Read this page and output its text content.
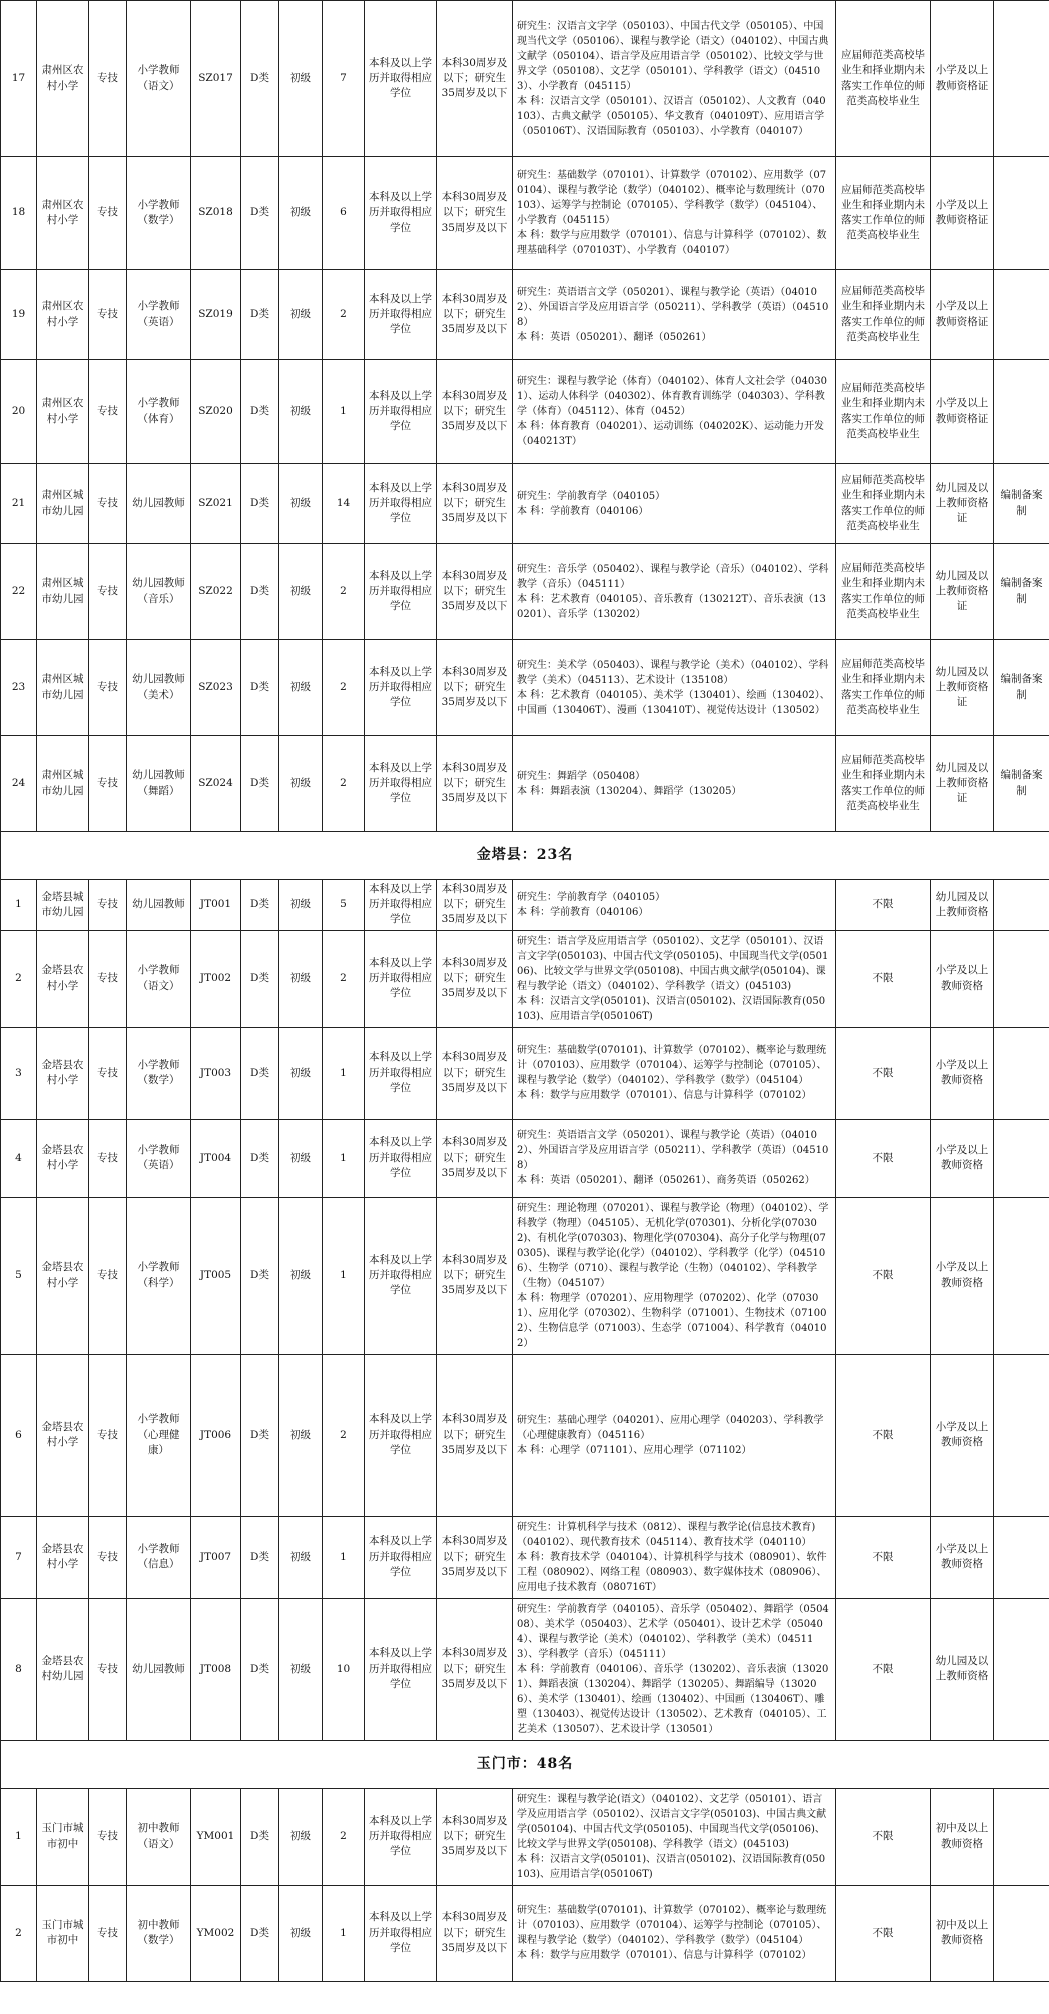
17	肃州区农村小学	专技	小学教师（语文）	SZ017	D类	初级	7	本科及以上学历并取得相应学位	本科30周岁及以下；研究生35周岁及以下	研究生：汉语言文字学（050103）、中国古代文学（050105）、中国现当代文学（050106）、课程与教学论（语文）（040102）、中国古典文献学（050104）、语言学及应用语言学（050102）、比较文学与世界文学（050108）、文艺学（050101）、学科教学（语文）（045103）、小学教育（045115）
本 科：汉语言文学（050101）、汉语言（050102）、人文教育（040103）、古典文献学（050105）、华文教育（040109T）、应用语言学（050106T）、汉语国际教育（050103）、小学教育（040107）	应届师范类高校毕业生和择业期内未落实工作单位的师范类高校毕业生	小学及以上教师资格证	
18	肃州区农村小学	专技	小学教师（数学）	SZ018	D类	初级	6	本科及以上学历并取得相应学位	本科30周岁及以下；研究生35周岁及以下	研究生：基础数学（070101）、计算数学（070102）、应用数学（070104）、课程与教学论（数学）（040102）、概率论与数理统计（070103）、运筹学与控制论（070105）、学科教学（数学）（045104）、小学教育（045115）
本 科：数学与应用数学（070101）、信息与计算科学（070102）、数理基础科学（070103T）、小学教育（040107）	应届师范类高校毕业生和择业期内未落实工作单位的师范类高校毕业生	小学及以上教师资格证	
19	肃州区农村小学	专技	小学教师（英语）	SZ019	D类	初级	2	本科及以上学历并取得相应学位	本科30周岁及以下；研究生35周岁及以下	研究生：英语语言文学（050201）、课程与教学论（英语）（040102）、外国语言学及应用语言学（050211）、学科教学（英语）（045108）
本 科：英语（050201）、翻译（050261）	应届师范类高校毕业生和择业期内未落实工作单位的师范类高校毕业生	小学及以上教师资格证	
20	肃州区农村小学	专技	小学教师（体育）	SZ020	D类	初级	1	本科及以上学历并取得相应学位	本科30周岁及以下；研究生35周岁及以下	研究生：课程与教学论（体育）（040102）、体育人文社会学（040301）、运动人体科学（040302）、体育教育训练学（040303）、学科教学（体育）（045112）、体育（0452）
本 科：体育教育（040201）、运动训练（040202K）、运动能力开发（040213T）	应届师范类高校毕业生和择业期内未落实工作单位的师范类高校毕业生	小学及以上教师资格证	
21	肃州区城市幼儿园	专技	幼儿园教师	SZ021	D类	初级	14	本科及以上学历并取得相应学位	本科30周岁及以下；研究生35周岁及以下	研究生：学前教育学（040105）
本 科：学前教育（040106）	应届师范类高校毕业生和择业期内未落实工作单位的师范类高校毕业生	幼儿园及以上教师资格证	编制备案制
22	肃州区城市幼儿园	专技	幼儿园教师（音乐）	SZ022	D类	初级	2	本科及以上学历并取得相应学位	本科30周岁及以下；研究生35周岁及以下	研究生：音乐学（050402）、课程与教学论（音乐）（040102）、学科教学（音乐）（045111）
本 科：艺术教育（040105）、音乐教育（130212T）、音乐表演（130201）、音乐学（130202）	应届师范类高校毕业生和择业期内未落实工作单位的师范类高校毕业生	幼儿园及以上教师资格证	编制备案制
23	肃州区城市幼儿园	专技	幼儿园教师（美术）	SZ023	D类	初级	2	本科及以上学历并取得相应学位	本科30周岁及以下；研究生35周岁及以下	研究生：美术学（050403）、课程与教学论（美术）（040102）、学科教学（美术）（045113）、艺术设计（135108）
本 科：艺术教育（040105）、美术学（130401）、绘画（130402）、中国画（130406T）、漫画（130410T）、视觉传达设计（130502）	应届师范类高校毕业生和择业期内未落实工作单位的师范类高校毕业生	幼儿园及以上教师资格证	编制备案制
24	肃州区城市幼儿园	专技	幼儿园教师（舞蹈）	SZ024	D类	初级	2	本科及以上学历并取得相应学位	本科30周岁及以下；研究生35周岁及以下	研究生：舞蹈学（050408）
本 科：舞蹈表演（130204）、舞蹈学（130205）	应届师范类高校毕业生和择业期内未落实工作单位的师范类高校毕业生	幼儿园及以上教师资格证	编制备案制
金塔县：23名													
1	金塔县城市幼儿园	专技	幼儿园教师	JT001	D类	初级	5	本科及以上学历并取得相应学位	本科30周岁及以下；研究生35周岁及以下	研究生：学前教育学（040105）
本 科：学前教育（040106）	不限	幼儿园及以上教师资格	
2	金塔县农村小学	专技	小学教师（语文）	JT002	D类	初级	2	本科及以上学历并取得相应学位	本科30周岁及以下；研究生35周岁及以下	研究生：语言学及应用语言学（050102）、文艺学（050101）、汉语言文字学(050103)、中国古代文学(050105)、中国现当代文学(050106)、比较文学与世界文学(050108)、中国古典文献学(050104)、课程与教学论（语文）（040102）、学科教学（语文）(045103)
本 科：汉语言文学(050101)、汉语言(050102)、汉语国际教育(050103)、应用语言学(050106T)	不限	小学及以上教师资格	
3	金塔县农村小学	专技	小学教师（数学）	JT003	D类	初级	1	本科及以上学历并取得相应学位	本科30周岁及以下；研究生35周岁及以下	研究生：基础数学(070101)、计算数学（070102）、概率论与数理统计（070103）、应用数学（070104）、运筹学与控制论（070105）、课程与教学论（数学）（040102）、学科教学（数学）（045104）
本 科：数学与应用数学（070101）、信息与计算科学（070102）	不限	小学及以上教师资格	
4	金塔县农村小学	专技	小学教师（英语）	JT004	D类	初级	1	本科及以上学历并取得相应学位	本科30周岁及以下；研究生35周岁及以下	研究生：英语语言文学（050201）、课程与教学论（英语）（040102）、外国语言学及应用语言学（050211）、学科教学（英语）（045108）
本 科：英语（050201）、翻译（050261）、商务英语（050262）	不限	小学及以上教师资格	
5	金塔县农村小学	专技	小学教师（科学）	JT005	D类	初级	1	本科及以上学历并取得相应学位	本科30周岁及以下；研究生35周岁及以下	研究生：理论物理（070201）、课程与教学论（物理）（040102）、学科教学（物理）（045105）、无机化学(070301)、分析化学(070302)、有机化学(070303)、物理化学(070304)、高分子化学与物理(070305)、课程与教学论(化学）（040102）、学科教学（化学）（045106）、生物学（0710）、课程与教学论（生物）（040102）、学科教学（生物）（045107）
本 科：物理学（070201）、应用物理学（070202）、化学（070301）、应用化学（070302）、生物科学（071001）、生物技术（071002）、生物信息学（071003）、生态学（071004）、科学教育（040102）	不限	小学及以上教师资格	
6	金塔县农村小学	专技	小学教师（心理健康）	JT006	D类	初级	2	本科及以上学历并取得相应学位	本科30周岁及以下；研究生35周岁及以下	研究生：基础心理学（040201）、应用心理学（040203）、学科教学（心理健康教育）（045116）
本 科：心理学（071101）、应用心理学（071102）	不限	小学及以上教师资格	
7	金塔县农村小学	专技	小学教师（信息）	JT007	D类	初级	1	本科及以上学历并取得相应学位	本科30周岁及以下；研究生35周岁及以下	研究生：计算机科学与技术（0812）、课程与教学论(信息技术教育)（040102）、现代教育技术（045114）、教育技术学（040110）
本 科：教育技术学（040104）、计算机科学与技术（080901）、软件工程（080902）、网络工程（080903）、数字媒体技术（080906）、应用电子技术教育（080716T）	不限	小学及以上教师资格	
8	金塔县农村幼儿园	专技	幼儿园教师	JT008	D类	初级	10	本科及以上学历并取得相应学位	本科30周岁及以下；研究生35周岁及以下	研究生：学前教育学（040105）、音乐学（050402）、舞蹈学（050408）、美术学（050403）、艺术学（050401）、设计艺术学（050404）、课程与教学论（美术）（040102）、学科教学（美术）（045113）、学科教学（音乐）（045111）
本 科：学前教育（040106）、音乐学（130202）、音乐表演（130201）、舞蹈表演（130204）、舞蹈学（130205）、舞蹈编导（130206）、美术学（130401）、绘画（130402）、中国画（130406T）、雕塑（130403）、视觉传达设计（130502）、艺术教育（040105）、工艺美术（130507）、艺术设计学（130501）	不限	幼儿园及以上教师资格	
玉门市：48名													
1	玉门市城市初中	专技	初中教师（语文）	YM001	D类	初级	2	本科及以上学历并取得相应学位	本科30周岁及以下；研究生35周岁及以下	研究生：课程与教学论(语文）（040102）、文艺学（050101）、语言学及应用语言学（050102）、汉语言文字学(050103)、中国古典文献学(050104)、中国古代文学(050105)、中国现当代文学(050106)、比较文学与世界文学(050108)、学科教学（语文）(045103)
本 科：汉语言文学(050101)、汉语言(050102)、汉语国际教育(050103)、应用语言学(050106T)	不限	初中及以上教师资格	
2	玉门市城市初中	专技	初中教师（数学）	YM002	D类	初级	1	本科及以上学历并取得相应学位	本科30周岁及以下；研究生35周岁及以下	研究生：基础数学(070101)、计算数学（070102）、概率论与数理统计（070103）、应用数学（070104）、运筹学与控制论（070105）、课程与教学论（数学）（040102）、学科教学（数学）（045104）
本 科：数学与应用数学（070101）、信息与计算科学（070102）	不限	初中及以上教师资格	
